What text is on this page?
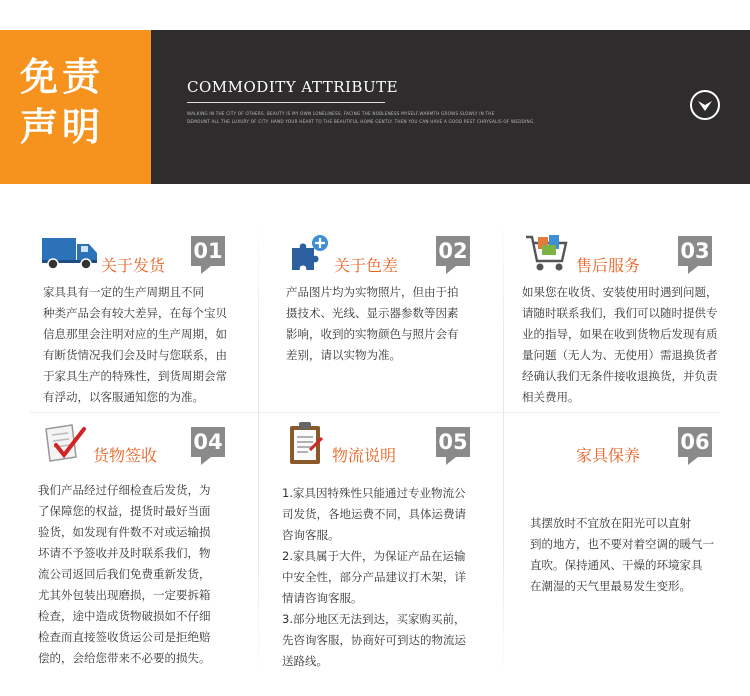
免责
声明
COMMODITY ATTRIBUTE
WALKING IN THE CITY OF OTHERS. BEAUTY IS MY OWN LONELINESS. FACING THE NOBLENESS MYSELF.WARMTH GROWS SLOWLY IN THE
DEMOUNT ALL THE LUXURY OF CITY. HAND YOUR HEART TO THE BEAUTIFUL HOME GENTLY. THEN YOU CAN HAVE A GOOD REST CHRYSALIS OF WEDDING.
关于发货
01
家具具有一定的生产周期且不同
种类产品会有较大差异，在每个宝贝
信息那里会注明对应的生产周期，如
有断货情况我们会及时与您联系，由
于家具生产的特殊性，到货周期会常
有浮动，以客服通知您的为准。
关于色差
02
产品图片均为实物照片，但由于拍
摄技术、光线、显示器参数等因素
影响，收到的实物颜色与照片会有
差别，请以实物为准。
售后服务
03
如果您在收货、安装使用时遇到问题，
请随时联系我们，我们可以随时提供专
业的指导，如果在收到货物后发现有质
量问题（无人为、无使用）需退换货者
经确认我们无条件接收退换货，并负责
相关费用。
货物签收
04
我们产品经过仔细检查后发货，为
了保障您的权益，提货时最好当面
验货，如发现有件数不对或运输损
坏请不予签收并及时联系我们，物
流公司返回后我们免费重新发货，
尤其外包装出现磨损，一定要拆箱
检查，途中造成货物破损如不仔细
检查而直接签收货运公司是拒绝赔
偿的，会给您带来不必要的损失。
物流说明
05
1.家具因特殊性只能通过专业物流公
司发货，各地运费不同，具体运费请
咨询客服。
2.家具属于大件，为保证产品在运输
中安全性，部分产品建议打木架，详
情请咨询客服。
3.部分地区无法到达，买家购买前，
先咨询客服，协商好可到达的物流运
送路线。
家具保养
06
其摆放时不宜放在阳光可以直射
到的地方，也不要对着空调的暖气一
直吹。保持通风、干燥的环境家具
在潮湿的天气里最易发生变形。
